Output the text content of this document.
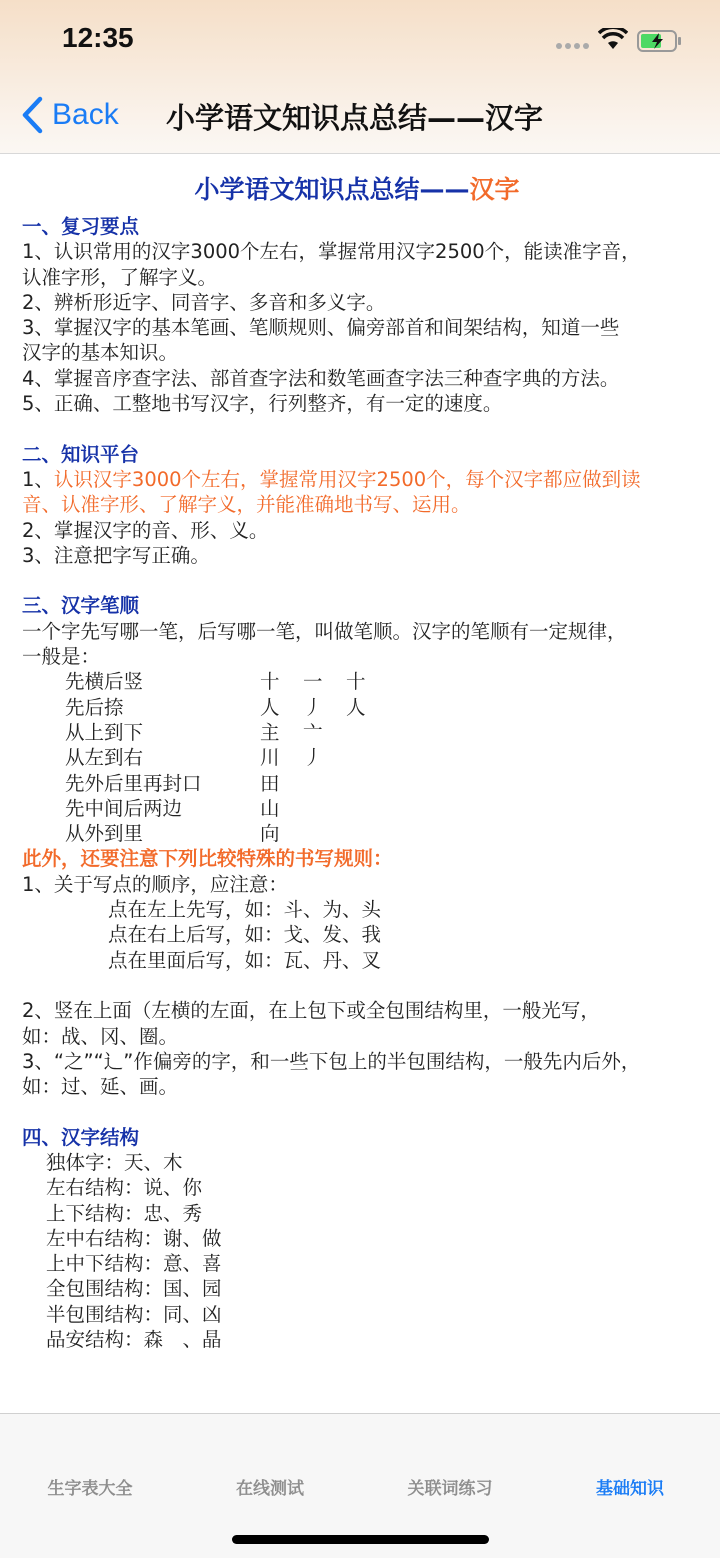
12:35
Back 小学语文知识点总结——汉字
小学语文知识点总结——汉字
一、复习要点
1、认识常用的汉字3000个左右，掌握常用汉字2500个，能读准字音，
认准字形，了解字义。
2、辨析形近字、同音字、多音和多义字。
3、掌握汉字的基本笔画、笔顺规则、偏旁部首和间架结构，知道一些
汉字的基本知识。
4、掌握音序查字法、部首查字法和数笔画查字法三种查字典的方法。
5、正确、工整地书写汉字，行列整齐，有一定的速度。
二、知识平台
1、认识汉字3000个左右，掌握常用汉字2500个，每个汉字都应做到读
音、认准字形、了解字义，并能准确地书写、运用。
2、掌握汉字的音、形、义。
3、注意把字写正确。
三、汉字笔顺
一个字先写哪一笔，后写哪一笔，叫做笔顺。汉字的笔顺有一定规律，
一般是：
先横后竖	十	一	十
先后捺	人	丿	人
从上到下	主	亠
从左到右	川	丿
先外后里再封口	田
先中间后两边	山
从外到里	向
此外，还要注意下列比较特殊的书写规则：
1、关于写点的顺序，应注意：
点在左上先写，如：斗、为、头
点在右上后写，如：戈、发、我
点在里面后写，如：瓦、丹、叉
2、竖在上面（左横的左面，在上包下或全包围结构里，一般光写，
如：战、冈、圈。
3、“之”“辶”作偏旁的字，和一些下包上的半包围结构，一般先内后外，
如：过、延、画。
四、汉字结构
独体字：天、木
左右结构：说、你
上下结构：忠、秀
左中右结构：谢、做
上中下结构：意、喜
全包围结构：国、园
半包围结构：同、凶
品安结构：森　、晶
生字表大全	在线测试	关联词练习	基础知识
